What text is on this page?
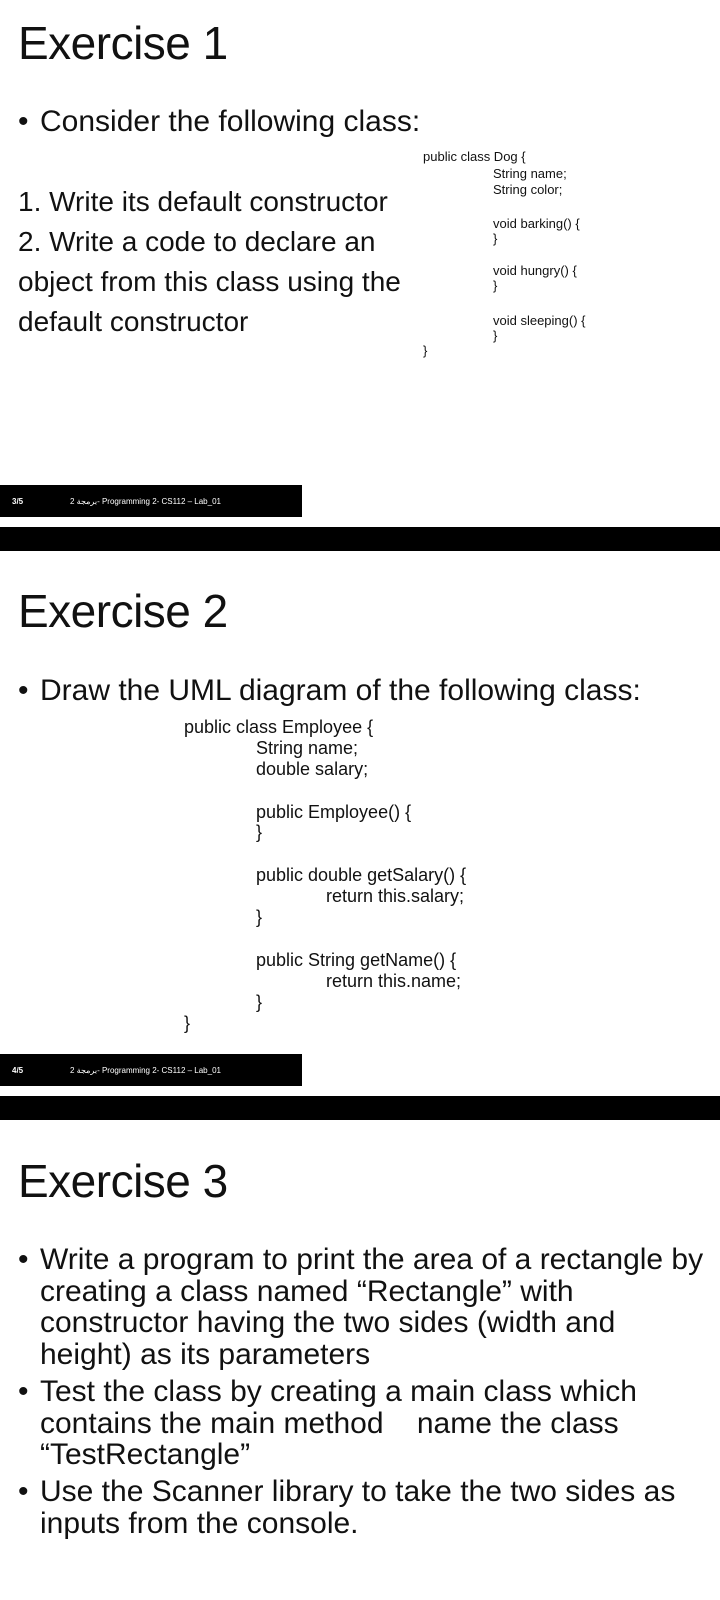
Exercise 1
• Consider the following class:
1. Write its default constructor
2. Write a code to declare an
object from this class using the
default constructor
public class Dog {
String name;
String color;
void barking() {
}
void hungry() {
}
void sleeping() {
}
}
3/5	2 برمجة- Programming 2- CS112 – Lab_01
Exercise 2
• Draw the UML diagram of the following class:
public class Employee {
String name;
double salary;
public Employee() {
}
public double getSalary() {
return this.salary;
}
public String getName() {
return this.name;
}
}
4/5	2 برمجة- Programming 2- CS112 – Lab_01
Exercise 3
• Write a program to print the area of a rectangle by
creating a class named “Rectangle” with
constructor having the two sides (width and
height) as its parameters
• Test the class by creating a main class which
contains the main method    name the class
“TestRectangle”
• Use the Scanner library to take the two sides as
inputs from the console.
